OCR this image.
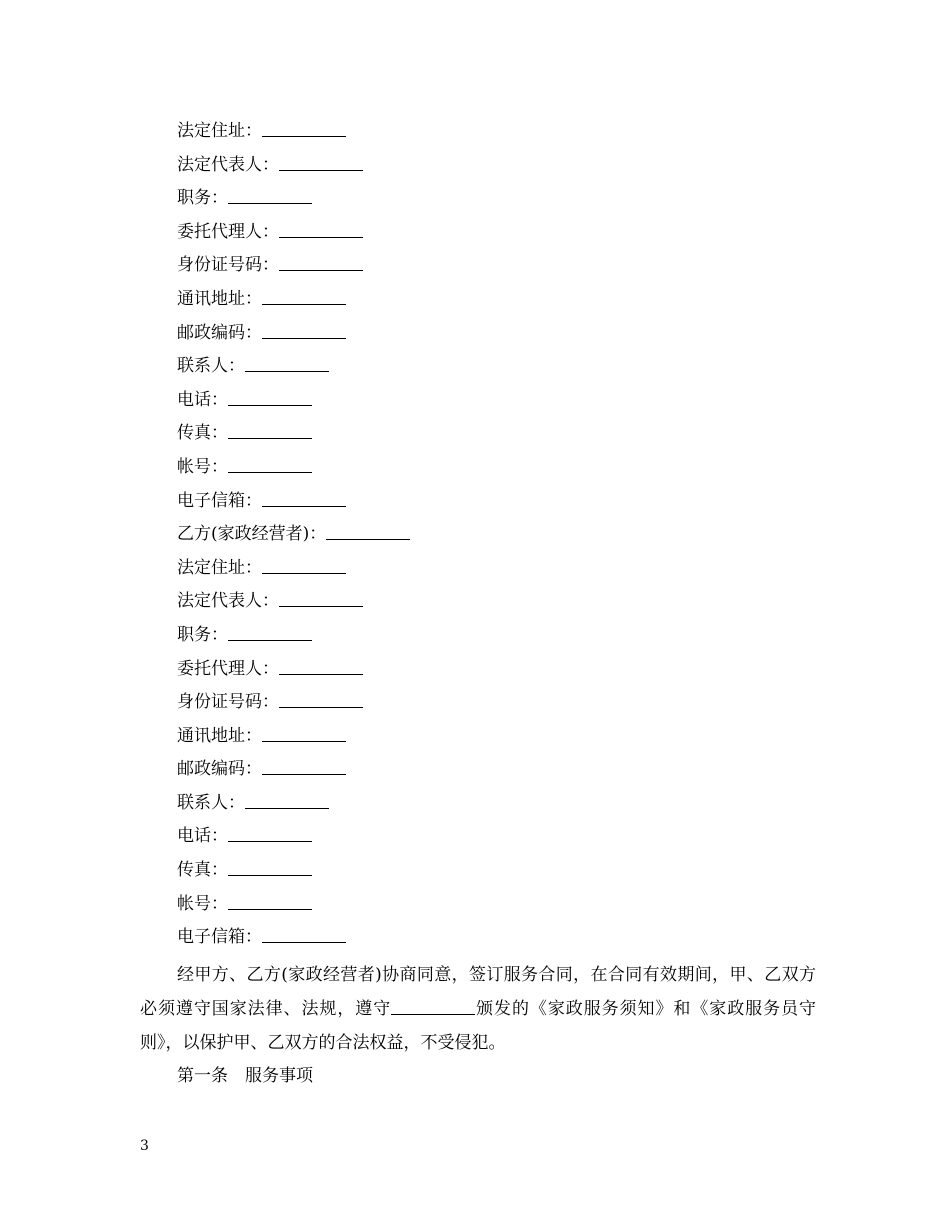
法定住址：
法定代表人：
职务：
委托代理人：
身份证号码：
通讯地址：
邮政编码：
联系人：
电话：
传真：
帐号：
电子信箱：
乙方(家政经营者)：
法定住址：
法定代表人：
职务：
委托代理人：
身份证号码：
通讯地址：
邮政编码：
联系人：
电话：
传真：
帐号：
电子信箱：

经甲方、乙方(家政经营者)协商同意，签订服务合同，在合同有效期间，甲、乙双方必须遵守国家法律、法规，遵守	颁发的《家政服务须知》和《家政服务员守则》，以保护甲、乙双方的合法权益，不受侵犯。

第一条　服务事项
3
